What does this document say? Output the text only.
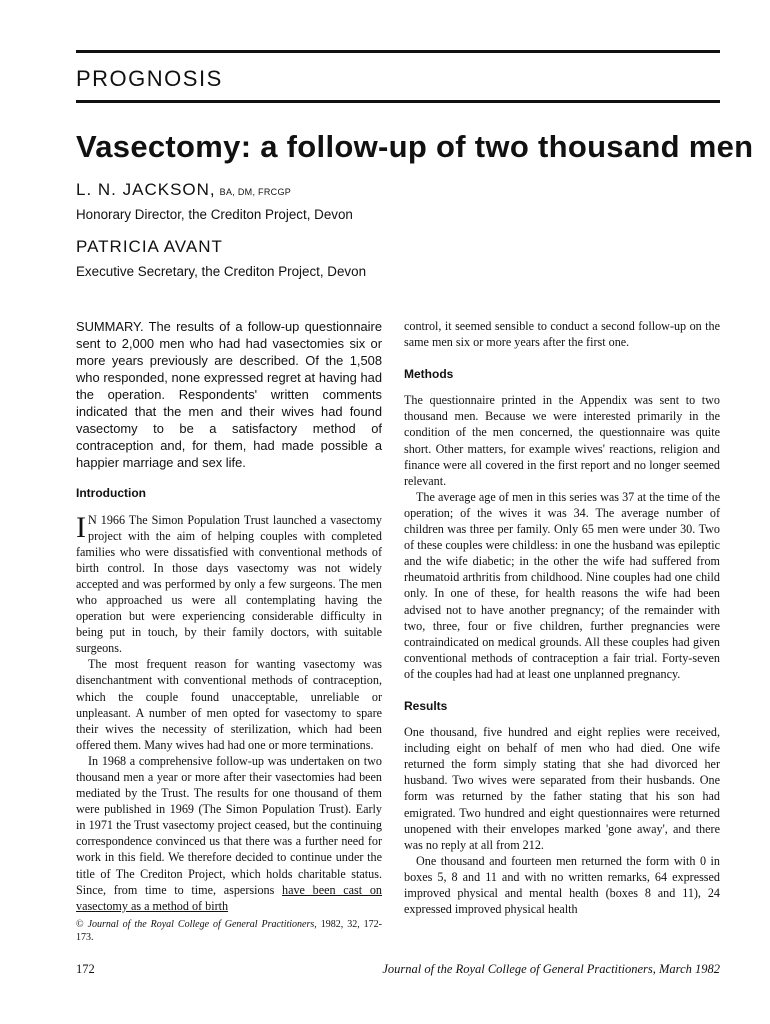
PROGNOSIS
Vasectomy: a follow-up of two thousand men
L. N. JACKSON, BA, DM, FRCGP
Honorary Director, the Crediton Project, Devon
PATRICIA AVANT
Executive Secretary, the Crediton Project, Devon

SUMMARY. The results of a follow-up questionnaire sent to 2,000 men who had had vasectomies six or more years previously are described. Of the 1,508 who responded, none expressed regret at having had the operation. Respondents' written comments indicated that the men and their wives had found vasectomy to be a satisfactory method of contraception and, for them, had made possible a happier marriage and sex life.

Introduction

I N 1966 The Simon Population Trust launched a vasectomy project with the aim of helping couples with completed families who were dissatisfied with conventional methods of birth control. In those days vasectomy was not widely accepted and was performed by only a few surgeons. The men who approached us were all contemplating having the operation but were experiencing considerable difficulty in being put in touch, by their family doctors, with suitable surgeons.

The most frequent reason for wanting vasectomy was disenchantment with conventional methods of contraception, which the couple found unacceptable, unreliable or unpleasant. A number of men opted for vasectomy to spare their wives the necessity of sterilization, which had been offered them. Many wives had had one or more terminations.

In 1968 a comprehensive follow-up was undertaken on two thousand men a year or more after their vasectomies had been mediated by the Trust. The results for one thousand of them were published in 1969 (The Simon Population Trust). Early in 1971 the Trust vasectomy project ceased, but the continuing correspondence convinced us that there was a further need for work in this field. We therefore decided to continue under the title of The Crediton Project, which holds charitable status. Since, from time to time, aspersions have been cast on vasectomy as a method of birth

© Journal of the Royal College of General Practitioners, 1982, 32, 172-173.

control, it seemed sensible to conduct a second follow-up on the same men six or more years after the first one.

Methods

The questionnaire printed in the Appendix was sent to two thousand men. Because we were interested primarily in the condition of the men concerned, the questionnaire was quite short. Other matters, for example wives' reactions, religion and finance were all covered in the first report and no longer seemed relevant.

The average age of men in this series was 37 at the time of the operation; of the wives it was 34. The average number of children was three per family. Only 65 men were under 30. Two of these couples were childless: in one the husband was epileptic and the wife diabetic; in the other the wife had suffered from rheumatoid arthritis from childhood. Nine couples had one child only. In one of these, for health reasons the wife had been advised not to have another pregnancy; of the remainder with two, three, four or five children, further pregnancies were contraindicated on medical grounds. All these couples had given conventional methods of contraception a fair trial. Forty-seven of the couples had had at least one unplanned pregnancy.

Results

One thousand, five hundred and eight replies were received, including eight on behalf of men who had died. One wife returned the form simply stating that she had divorced her husband. Two wives were separated from their husbands. One form was returned by the father stating that his son had emigrated. Two hundred and eight questionnaires were returned unopened with their envelopes marked 'gone away', and there was no reply at all from 212.

One thousand and fourteen men returned the form with 0 in boxes 5, 8 and 11 and with no written remarks, 64 expressed improved physical and mental health (boxes 8 and 11), 24 expressed improved physical health

172	Journal of the Royal College of General Practitioners, March 1982
